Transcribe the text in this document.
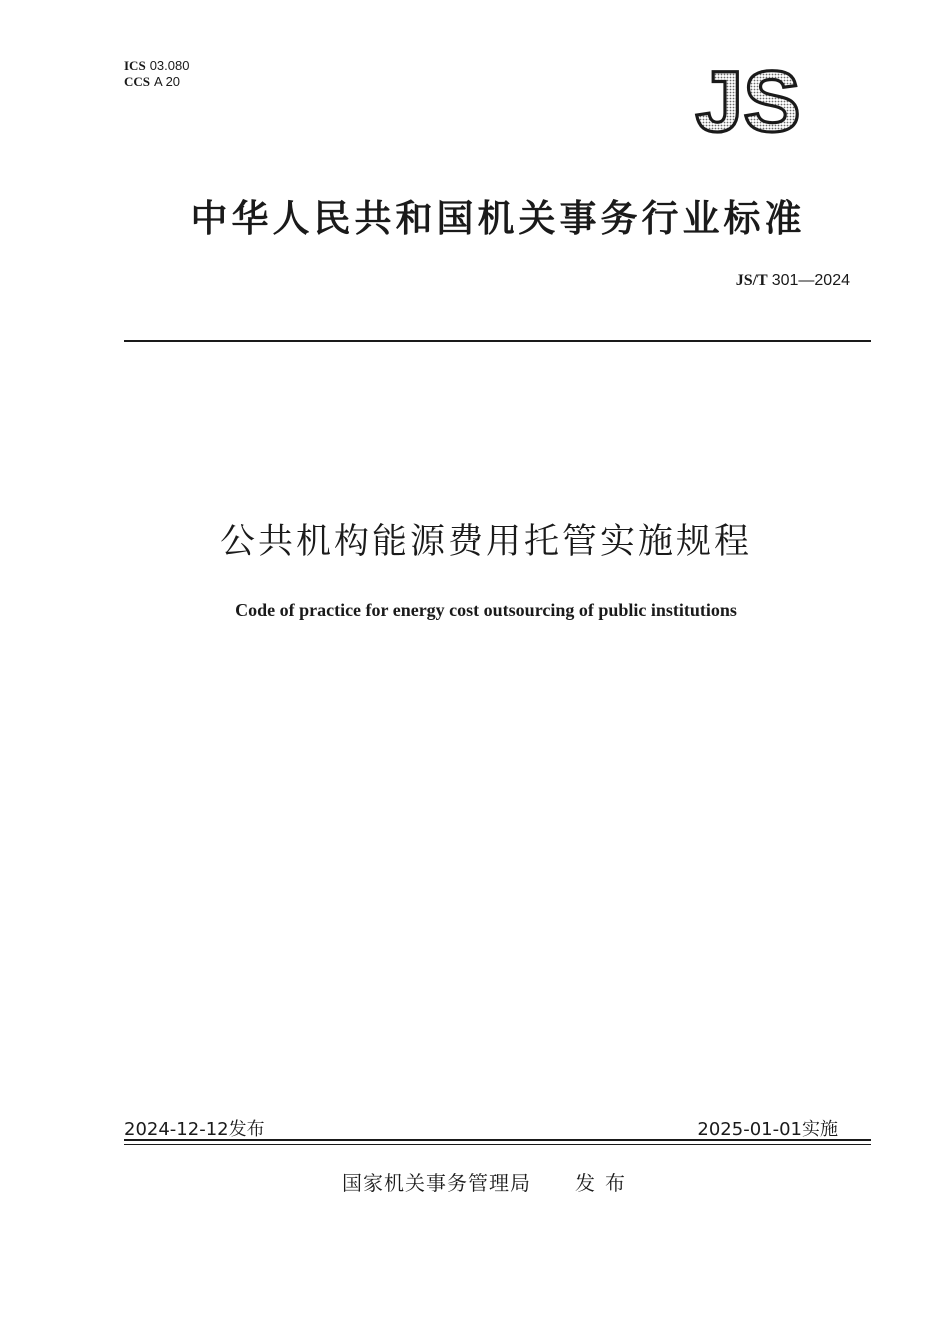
ICS 03.080
CCS A 20	JS
中华人民共和国机关事务行业标准
JS/T 301—2024
公共机构能源费用托管实施规程
Code of practice for energy cost outsourcing of public institutions
2024-12-12发布	2025-01-01实施
国家机关事务管理局 发布
